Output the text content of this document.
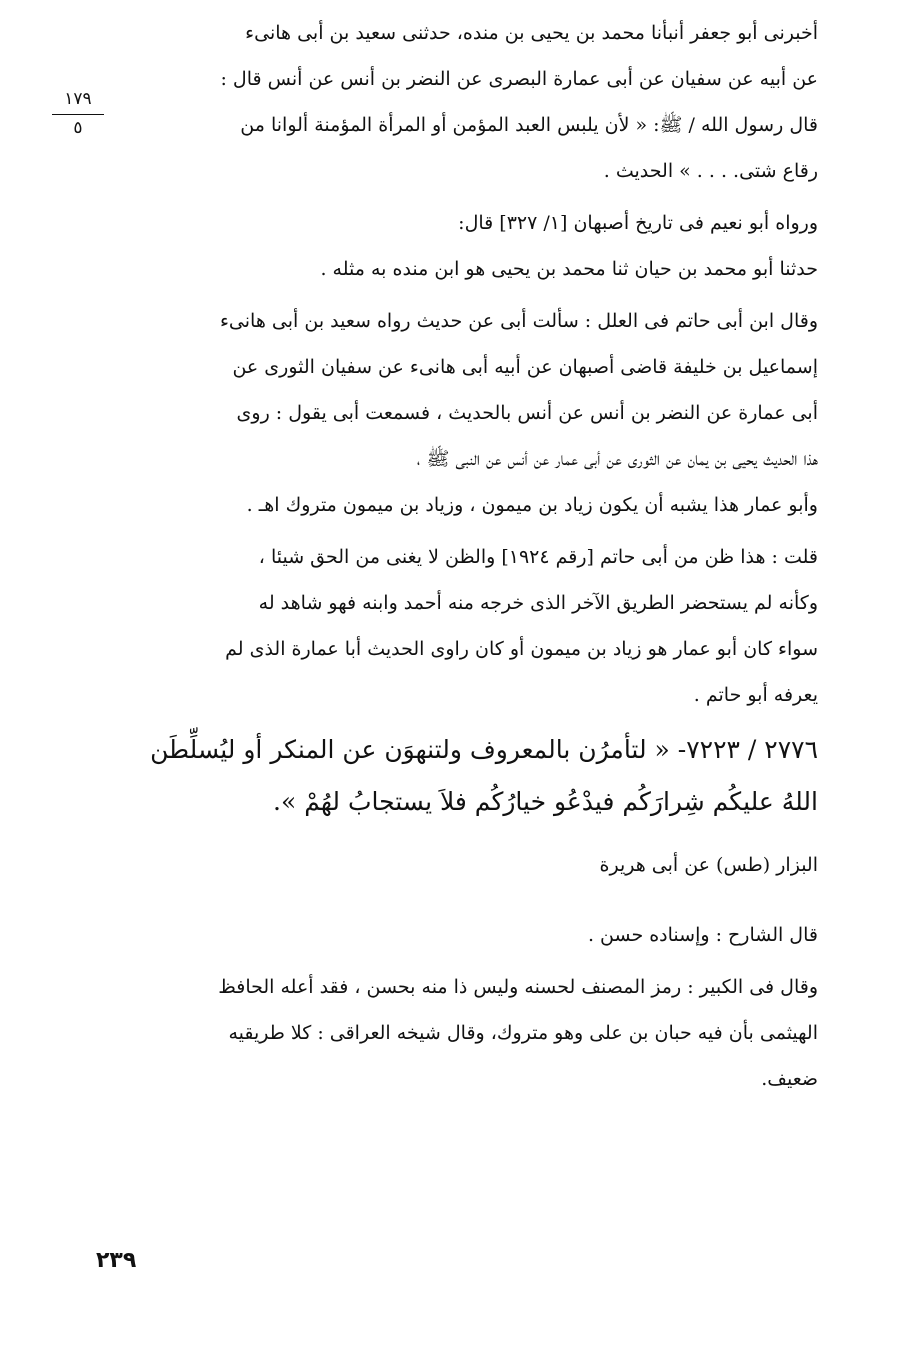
١٧٩
٥
أخبرنى أبو جعفر أنبأنا محمد بن يحيى بن منده، حدثنى سعيد بن أبى هانىء
عن أبيه عن سفيان عن أبى عمارة البصرى عن النضر بن أنس عن أنس قال :
قال رسول الله / ﷺ: « لأن يلبس العبد المؤمن أو المرأة المؤمنة ألوانا من
رقاع شتى. . . . » الحديث .
ورواه أبو نعيم فى تاريخ أصبهان [١/ ٣٢٧] قال:
حدثنا أبو محمد بن حيان ثنا محمد بن يحيى هو ابن منده به مثله .
وقال ابن أبى حاتم فى العلل : سألت أبى عن حديث رواه سعيد بن أبى هانىء
إسماعيل بن خليفة قاضى أصبهان عن أبيه أبى هانىء عن سفيان الثورى عن
أبى عمارة عن النضر بن أنس عن أنس بالحديث ، فسمعت أبى يقول : روى
هذا الحديث يحيى بن يمان عن الثورى عن أبى عمار عن أنس عن النبى ﷺ ،
وأبو عمار هذا يشبه أن يكون زياد بن ميمون ، وزياد بن ميمون متروك اهـ .
قلت : هذا ظن من أبى حاتم [رقم ١٩٢٤] والظن لا يغنى من الحق شيئا ،
وكأنه لم يستحضر الطريق الآخر الذى خرجه منه أحمد وابنه فهو شاهد له
سواء كان أبو عمار هو زياد بن ميمون أو كان راوى الحديث أبا عمارة الذى لم
يعرفه أبو حاتم .
٢٧٧٦ / ٧٢٢٣- « لتأمرُن بالمعروف ولتنهوَن عن المنكر أو ليُسلِّطَن
اللهُ عليكُم شِرارَكُم فيدْعُو خيارُكُم فلاَ يستجابُ لهُمْ ».
البزار (طس) عن أبى هريرة
قال الشارح : وإسناده حسن .
وقال فى الكبير : رمز المصنف لحسنه وليس ذا منه بحسن ، فقد أعله الحافظ
الهيثمى بأن فيه حبان بن على وهو متروك، وقال شيخه العراقى : كلا طريقيه
ضعيف.
٢٣٩
